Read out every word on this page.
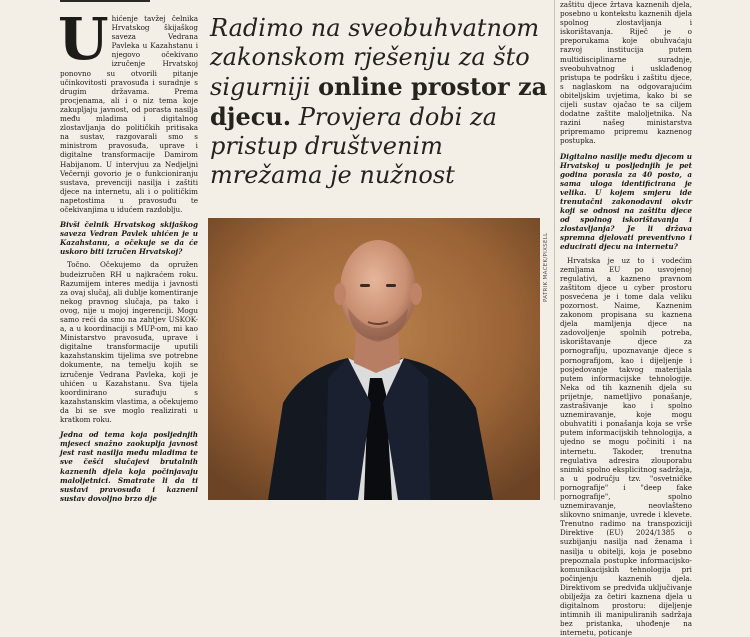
Uhićenje tavžej čelnika Hrvatskog škijaškog saveza Vedrana Pavleka u Kazahstanu i njegovo očekivano izručenje Hrvatskoj ponovno su otvorili pitanje učinkovitosti pravosuđa i suradnje s drugim državama. Prema procjenama, ali i o niz tema koje zakupljaju javnost, od porasta nasilja među mladima i digitalnog zlostavljanja do političkih pritisaka na sustav, razgovarali smo s ministrom pravosuđa, uprave i digitalne transformacije Damirom Habijanom. U intervjuu za Nedjeljni Večernji govorio je o funkcioniranju sustava, prevenciji nasilja i zaštiti djece na internetu, ali i o političkim napetostima u pravosuđu te očekivanjima u idućem razdoblju.

Bivši čelnik Hrvatskog skijaškog saveza Vedran Pavlek uhićen je u Kazahstanu, a očekuje se da će uskoro biti izručen Hrvatskoj?

Točno. Očekujemo da opružen budeizručen RH u najkraćem roku. Razumijem interes medija i javnosti za ovaj slučaj, ali dublje komentiranje nekog pravnog slučaja, pa tako i ovog, nije u mojoj ingerenciji. Mogu samo reći da smo na zahtjev USKOK-a, a u koordinaciji s MUP-om, mi kao Ministarstvo pravosuđa, uprave i digitalne transformacije uputili kazahstanskim tijelima sve potrebne dokumente, na temelju kojih se izručenje Vedrana Pavleka, koji je uhićen u Kazahstanu. Sva tijela koordinirano surađuju s kazahstanskim vlastima, a očekujemo da bi se sve moglo realizirati u kratkom roku.

Jedna od tema koja posljednjih mjeseci snažno zaokuplja javnost jest rast nasilja među mladima te sve češći slučajevi brutalnih kaznenih djela koja počinjavaju maloljetnici. Smatrate li da ti sustavi pravosuđa i kaznenl sustav dovoljno brzo dje

Radimo na sveobuhvatnom zakonskom rješenju za što sigurniji online prostor za djecu. Provjera dobi za pristup društvenim mrežama je nužnost
PATRIK MACEK/PIXSELL

zaštitu djece žrtava kaznenih djela, posebno u kontekstu kaznenih djela spolnog zlostavljanja i iskorištavanja. Riječ je o preporukama koje obuhvaćaju razvoj institucija putem multidisciplinarne suradnje, sveobuhvatnog i usklađenog pristupa te podršku i zaštitu djece, s naglaskom na odgovarajućim obiteljskim uvjetima, kako bi se cijeli sustav ojačao te sa ciljem dodatne zaštite maloljetnika. Na razini našeg ministarstva pripremamo pripremu kaznenog postupka.

Digitalno nasilje među djecom u Hrvatskoj u posljednjih je pet godina porasla za 40 posto, a sama uloga identificirana je velika. U kojem smjeru ide trenutačni zakonodavni okvir koji se odnosi na zaštitu djece od spolnog iskorištavanja i zlostavljanja? Je li država spremna djelovati preventivno i educirati djecu na internetu?

Hrvatska je uz to i vodećim zemljama EU po usvojenoj regulativi, a kazneno pravnom zaštitom djece u cyber prostoru posvećena je i tome dala veliku pozornost. Naime, Kaznenim zakonom propisana su kaznena djela mamljenja djece na zadovoljenje spolnih potreba, iskorištavanje djece za pornografiju, upoznavanje djece s pornografijom, kao i dijeljenje i posjedovanje takvog materijala putem informacijske tehnologije. Neka od tih kaznenih djela su prijetnje, nametljivo ponašanje, zastrašivanje kao i spolno uznemiravanje, koje mogu obuhvatiti i ponašanja koja se vrše putem informacijskih tehnologija, a ujedno se mogu počiniti i na internetu. Takoder, trenutna regulativa adresira zlouporabu snimki spolno eksplicitnog sadržaja, a u području tzv. "osvetničke pornografije" i "deep fake pornografije", spolno uznemiravanje, neovlašteno slikovno snimanje, uvrede i klevete. Trenutno radimo na transpoziciji Direktive (EU) 2024/1385 o suzbijanju nasilja nad ženama i nasilja u obitelji, koja je posebno prepoznala postupke informacijsko-komunikacijskih tehnologija pri počinjenju kaznenih djela. Direktivom se predviđa uključivanje obilježja za četiri kaznena djela u digitalnom prostoru: dijeljenje intimnih ili manipuliranih sadržaja bez pristanka, uhođenje na internetu, poticanje
